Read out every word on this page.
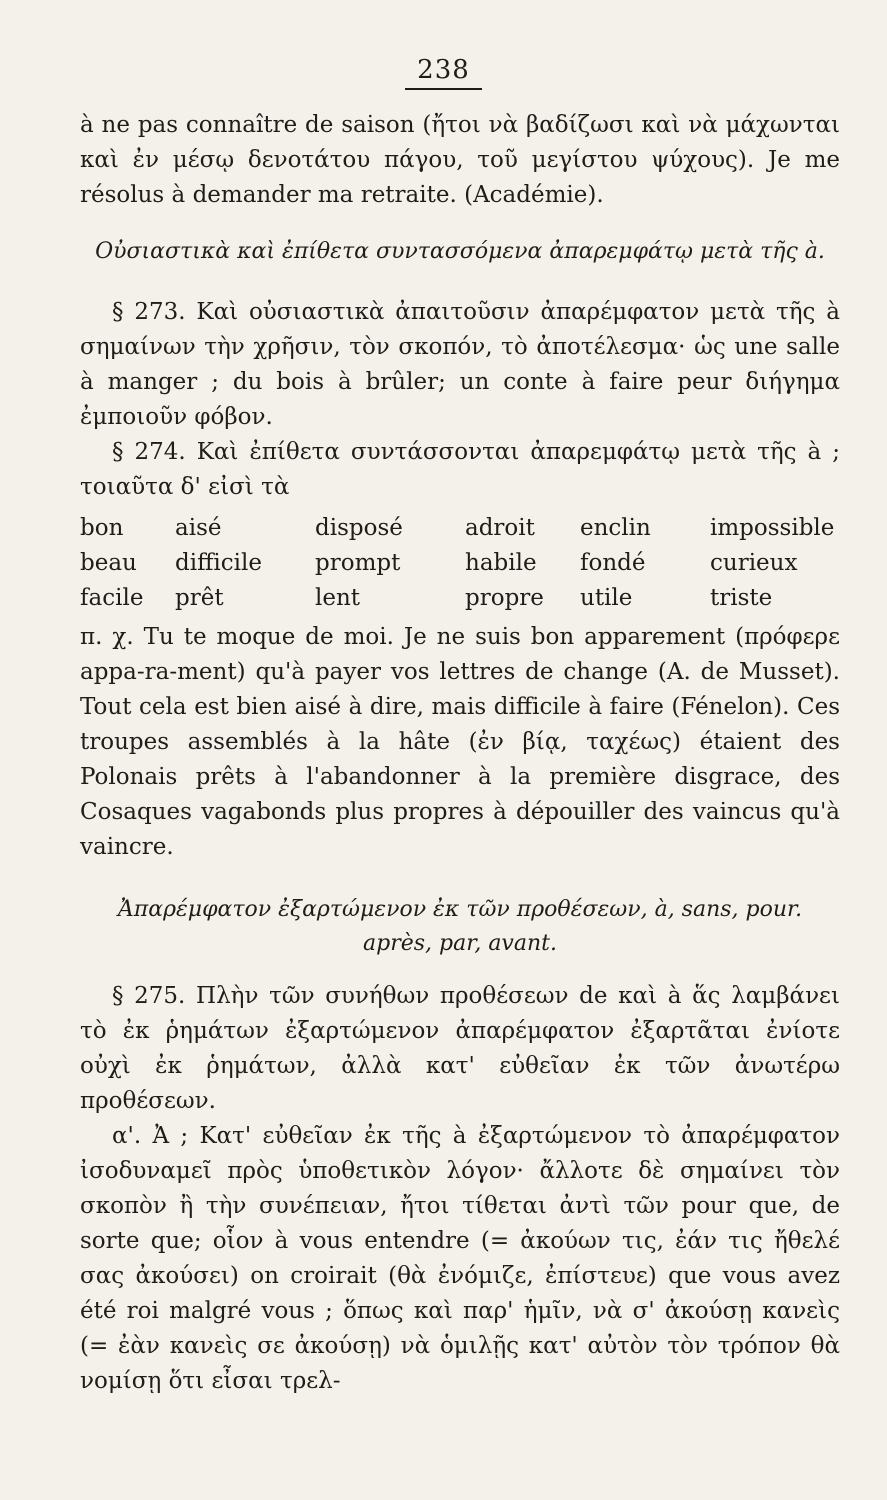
238

à ne pas connaître de saison (ἤτοι νὰ βαδίζωσι καὶ νὰ μάχωνται καὶ ἐν μέσῳ δενοτάτου πάγου, τοῦ μεγίστου ψύχους). Je me résolus à demander ma retraite. (Académie).

Οὐσιαστικὰ καὶ ἐπίθετα συντασσόμενα ἀπαρεμφάτῳ μετὰ τῆς à.

§ 273. Καὶ οὐσιαστικὰ ἀπαιτοῦσιν ἀπαρέμφατον μετὰ τῆς à σημαίνων τὴν χρῆσιν, τὸν σκοπόν, τὸ ἀποτέλεσμα· ὡς une salle à manger ; du bois à brûler; un conte à faire peur διήγημα ἐμποιοῦν φόβον.

§ 274. Καὶ ἐπίθετα συντάσσονται ἀπαρεμφάτῳ μετὰ τῆς à ; τοιαῦτα δ' εἰσὶ τὰ

bon	aisé	disposé	adroit	enclin	impossible
beau	difficile	prompt	habile	fondé	curieux
facile	prêt	lent	propre	utile	triste

π. χ. Tu te moque de moi. Je ne suis bon apparement (πρόφερε appa-ra-ment) qu'à payer vos lettres de change (A. de Musset). Tout cela est bien aisé à dire, mais difficile à faire (Fénelon). Ces troupes assemblés à la hâte (ἐν βίᾳ, ταχέως) étaient des Polonais prêts à l'abandonner à la première disgrace, des Cosaques vagabonds plus propres à dépouiller des vaincus qu'à vaincre.

Ἀπαρέμφατον ἐξαρτώμενον ἐκ τῶν προθέσεων, à, sans, pour.
après, par, avant.

§ 275. Πλὴν τῶν συνήθων προθέσεων de καὶ à ἅς λαμβάνει τὸ ἐκ ῥημάτων ἐξαρτώμενον ἀπαρέμφατον ἐξαρτᾶται ἐνίοτε οὐχὶ ἐκ ῥημάτων, ἀλλὰ κατ' εὐθεῖαν ἐκ τῶν ἀνωτέρω προθέσεων.

α'. Ἀ ; Κατ' εὐθεῖαν ἐκ τῆς à ἐξαρτώμενον τὸ ἀπαρέμφατον ἰσοδυναμεῖ πρὸς ὑποθετικὸν λόγον· ἄλλοτε δὲ σημαίνει τὸν σκοπὸν ἢ τὴν συνέπειαν, ἤτοι τίθεται ἀντὶ τῶν pour que, de sorte que; οἷον à vous entendre (= ἀκούων τις, ἐάν τις ἤθελέ σας ἀκούσει) on croirait (θὰ ἐνόμιζε, ἐπίστευε) que vous avez été roi malgré vous ; ὅπως καὶ παρ' ἡμῖν, νὰ σ' ἀκούσῃ κανεὶς (= ἐὰν κανεὶς σε ἀκούσῃ) νὰ ὁμιλῇς κατ' αὐτὸν τὸν τρόπον θὰ νομίσῃ ὅτι εἶσαι τρελ-
